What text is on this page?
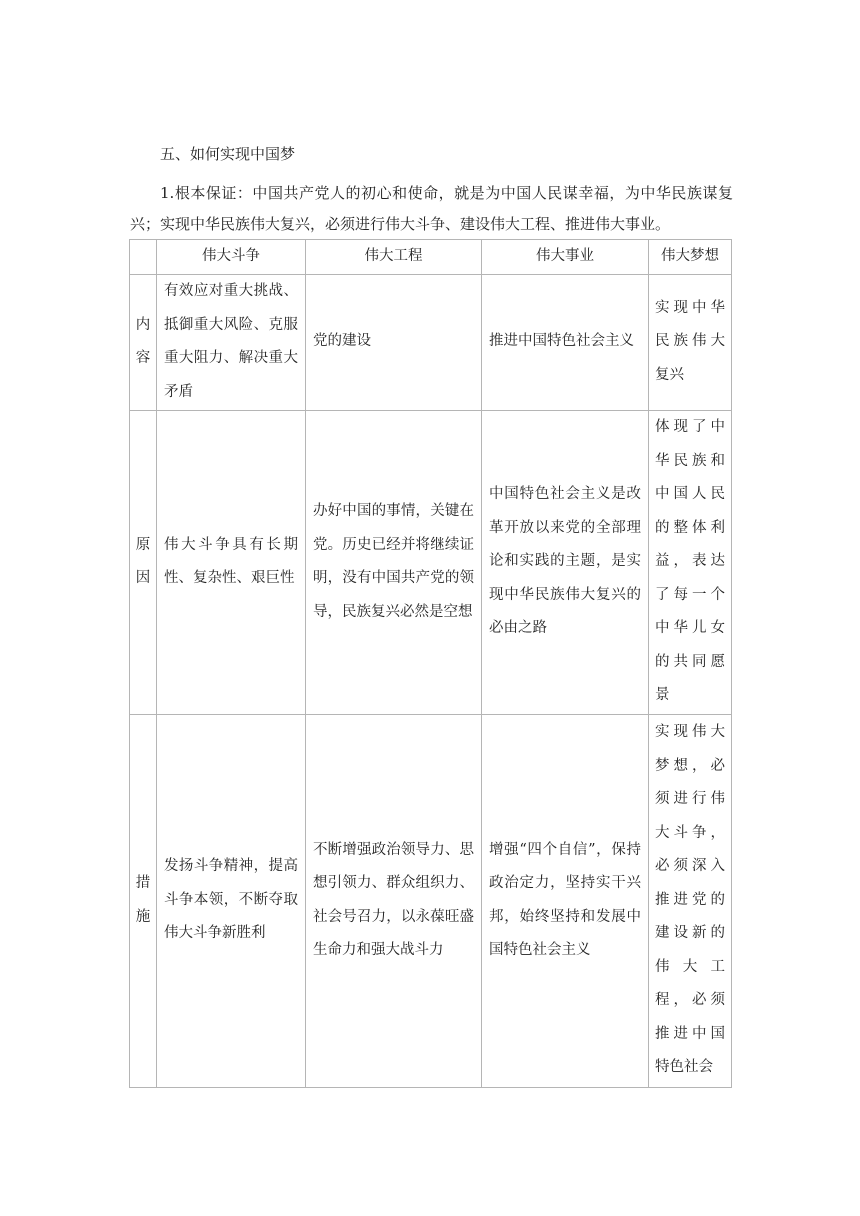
五、如何实现中国梦

1.根本保证：中国共产党人的初心和使命，就是为中国人民谋幸福，为中华民族谋复兴；实现中华民族伟大复兴，必须进行伟大斗争、建设伟大工程、推进伟大事业。

	伟大斗争	伟大工程	伟大事业	伟大梦想
内容	有效应对重大挑战、抵御重大风险、克服重大阻力、解决重大矛盾	党的建设	推进中国特色社会主义	实现中华民族伟大复兴
原因	伟大斗争具有长期性、复杂性、艰巨性	办好中国的事情，关键在党。历史已经并将继续证明，没有中国共产党的领导，民族复兴必然是空想	中国特色社会主义是改革开放以来党的全部理论和实践的主题，是实现中华民族伟大复兴的必由之路	体现了中华民族和中国人民的整体利益，表达了每一个中华儿女的共同愿景
措施	发扬斗争精神，提高斗争本领，不断夺取伟大斗争新胜利	不断增强政治领导力、思想引领力、群众组织力、社会号召力，以永葆旺盛生命力和强大战斗力	增强“四个自信”，保持政治定力，坚持实干兴邦，始终坚持和发展中国特色社会主义	实现伟大梦想，必须进行伟大斗争，必须深入推进党的建设新的伟大工程，必须推进中国特色社会
